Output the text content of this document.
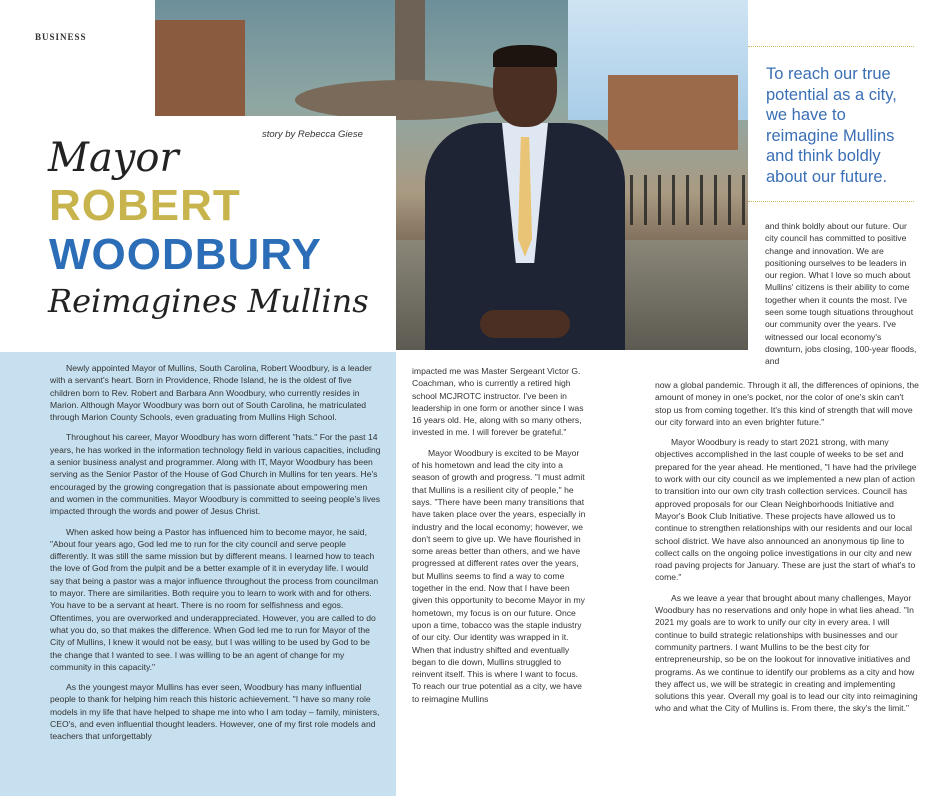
To reach our true potential as a city, we have to reimagine Mullins and think boldly about our future.

BUSINESS
story by Rebecca Giese
Mayor
ROBERT
WOODBURY
Reimagines Mullins

Newly appointed Mayor of Mullins, South Carolina, Robert Woodbury, is a leader with a servant's heart. Born in Providence, Rhode Island, he is the oldest of five children born to Rev. Robert and Barbara Ann Woodbury, who currently resides in Marion. Although Mayor Woodbury was born out of South Carolina, he matriculated through Marion County Schools, even graduating from Mullins High School.

Throughout his career, Mayor Woodbury has worn different "hats." For the past 14 years, he has worked in the information technology field in various capacities, including a senior business analyst and programmer. Along with IT, Mayor Woodbury has been serving as the Senior Pastor of the House of God Church in Mullins for ten years. He's encouraged by the growing congregation that is passionate about empowering men and women in the communities. Mayor Woodbury is committed to seeing people's lives impacted through the words and power of Jesus Christ.

When asked how being a Pastor has influenced him to become mayor, he said, "About four years ago, God led me to run for the city council and serve people differently. It was still the same mission but by different means. I learned how to teach the love of God from the pulpit and be a better example of it in everyday life. I would say that being a pastor was a major influence throughout the process from councilman to mayor. There are similarities. Both require you to learn to work with and for others. You have to be a servant at heart. There is no room for selfishness and egos. Oftentimes, you are overworked and underappreciated. However, you are called to do what you do, so that makes the difference. When God led me to run for Mayor of the City of Mullins, I knew it would not be easy, but I was willing to be used by God to be the change that I wanted to see. I was willing to be an agent of change for my community in this capacity."

As the youngest mayor Mullins has ever seen, Woodbury has many influential people to thank for helping him reach this historic achievement. "I have so many role models in my life that have helped to shape me into who I am today – family, ministers, CEO's, and even influential thought leaders. However, one of my first role models and teachers that unforgettably

impacted me was Master Sergeant Victor G. Coachman, who is currently a retired high school MCJROTC instructor. I've been in leadership in one form or another since I was 16 years old. He, along with so many others, invested in me. I will forever be grateful."

Mayor Woodbury is excited to be Mayor of his hometown and lead the city into a season of growth and progress. "I must admit that Mullins is a resilient city of people," he says. "There have been many transitions that have taken place over the years, especially in industry and the local economy; however, we don't seem to give up. We have flourished in some areas better than others, and we have progressed at different rates over the years, but Mullins seems to find a way to come together in the end. Now that I have been given this opportunity to become Mayor in my hometown, my focus is on our future. Once upon a time, tobacco was the staple industry of our city. Our identity was wrapped in it. When that industry shifted and eventually began to die down, Mullins struggled to reinvent itself. This is where I want to focus. To reach our true potential as a city, we have to reimagine Mullins

and think boldly about our future. Our city council has committed to positive change and innovation. We are positioning ourselves to be leaders in our region. What I love so much about Mullins' citizens is their ability to come together when it counts the most. I've seen some tough situations throughout our community over the years. I've witnessed our local economy's downturn, jobs closing, 100-year floods, and

now a global pandemic. Through it all, the differences of opinions, the amount of money in one's pocket, nor the color of one's skin can't stop us from coming together. It's this kind of strength that will move our city forward into an even brighter future."

Mayor Woodbury is ready to start 2021 strong, with many objectives accomplished in the last couple of weeks to be set and prepared for the year ahead. He mentioned, "I have had the privilege to work with our city council as we implemented a new plan of action to transition into our own city trash collection services. Council has approved proposals for our Clean Neighborhoods Initiative and Mayor's Book Club Initiative. These projects have allowed us to continue to strengthen relationships with our residents and our local school district. We have also announced an anonymous tip line to collect calls on the ongoing police investigations in our city and new road paving projects for January. These are just the start of what's to come."

As we leave a year that brought about many challenges, Mayor Woodbury has no reservations and only hope in what lies ahead. "In 2021 my goals are to work to unify our city in every area. I will continue to build strategic relationships with businesses and our community partners. I want Mullins to be the best city for entrepreneurship, so be on the lookout for innovative initiatives and programs. As we continue to identify our problems as a city and how they affect us, we will be strategic in creating and implementing solutions this year. Overall my goal is to lead our city into reimagining who and what the City of Mullins is. From there, the sky's the limit."
